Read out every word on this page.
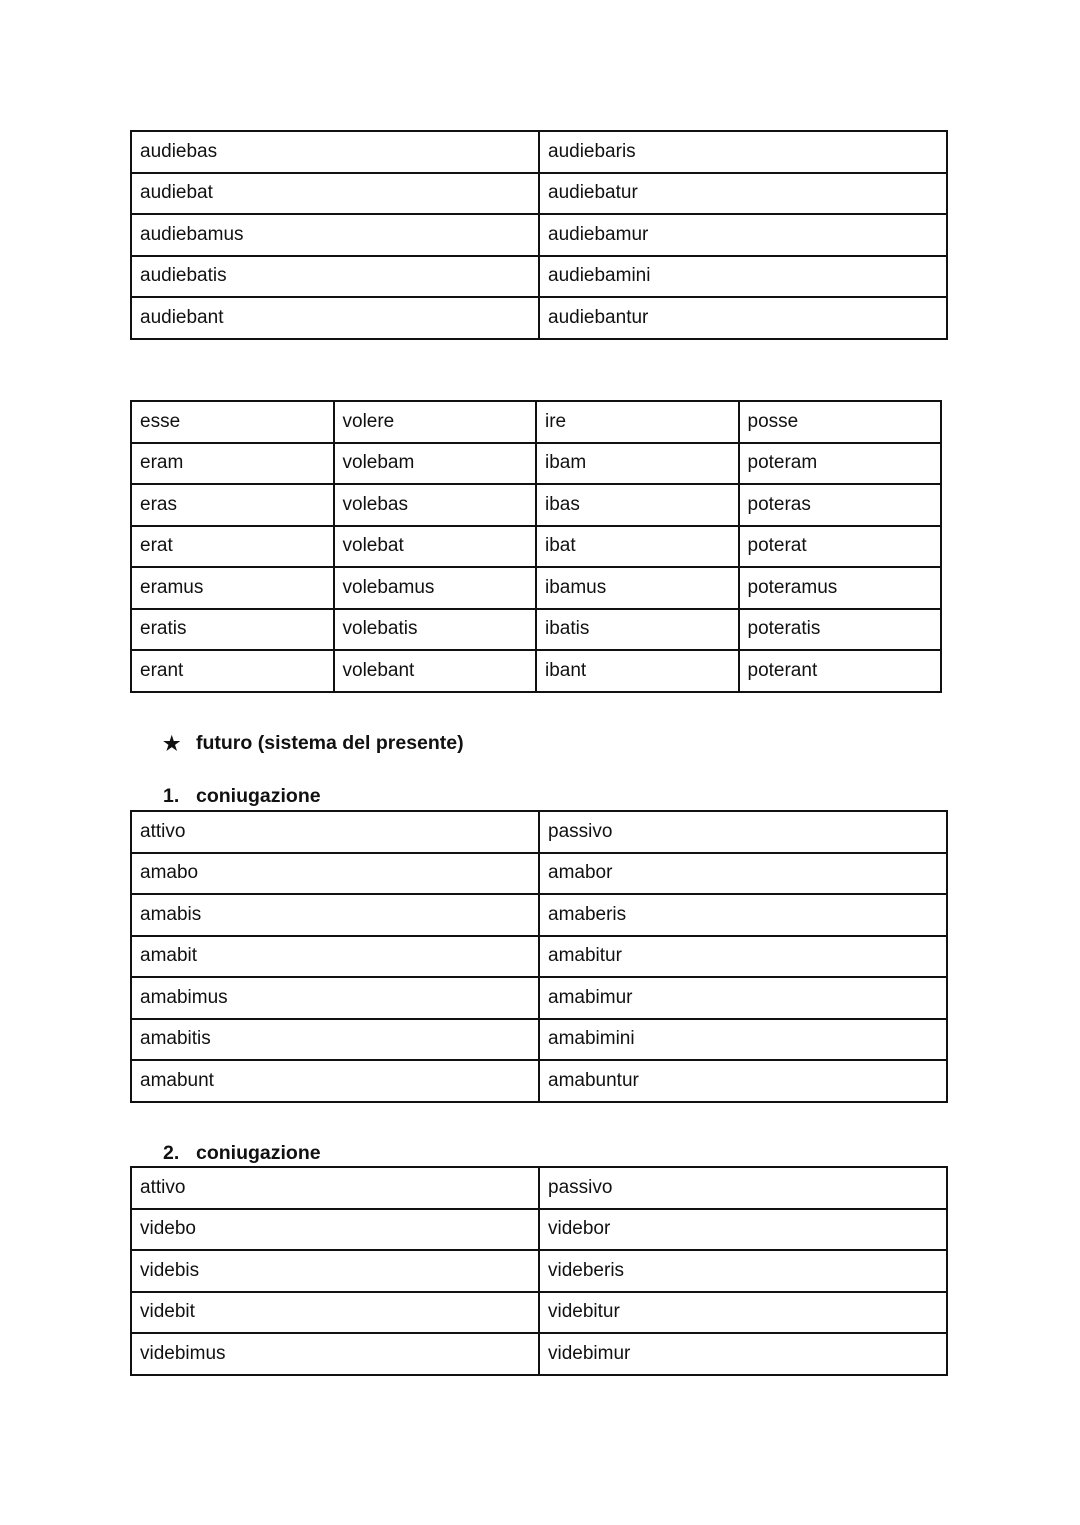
audiebas	audiebaris
audiebat	audiebatur
audiebamus	audiebamur
audiebatis	audiebamini
audiebant	audiebantur
esse	volere	ire	posse
eram	volebam	ibam	poteram
eras	volebas	ibas	poteras
erat	volebat	ibat	poterat
eramus	volebamus	ibamus	poteramus
eratis	volebatis	ibatis	poteratis
erant	volebant	ibant	poterant
★ futuro (sistema del presente)
1. coniugazione
attivo	passivo
amabo	amabor
amabis	amaberis
amabit	amabitur
amabimus	amabimur
amabitis	amabimini
amabunt	amabuntur
2. coniugazione
attivo	passivo
videbo	videbor
videbis	videberis
videbit	videbitur
videbimus	videbimur
